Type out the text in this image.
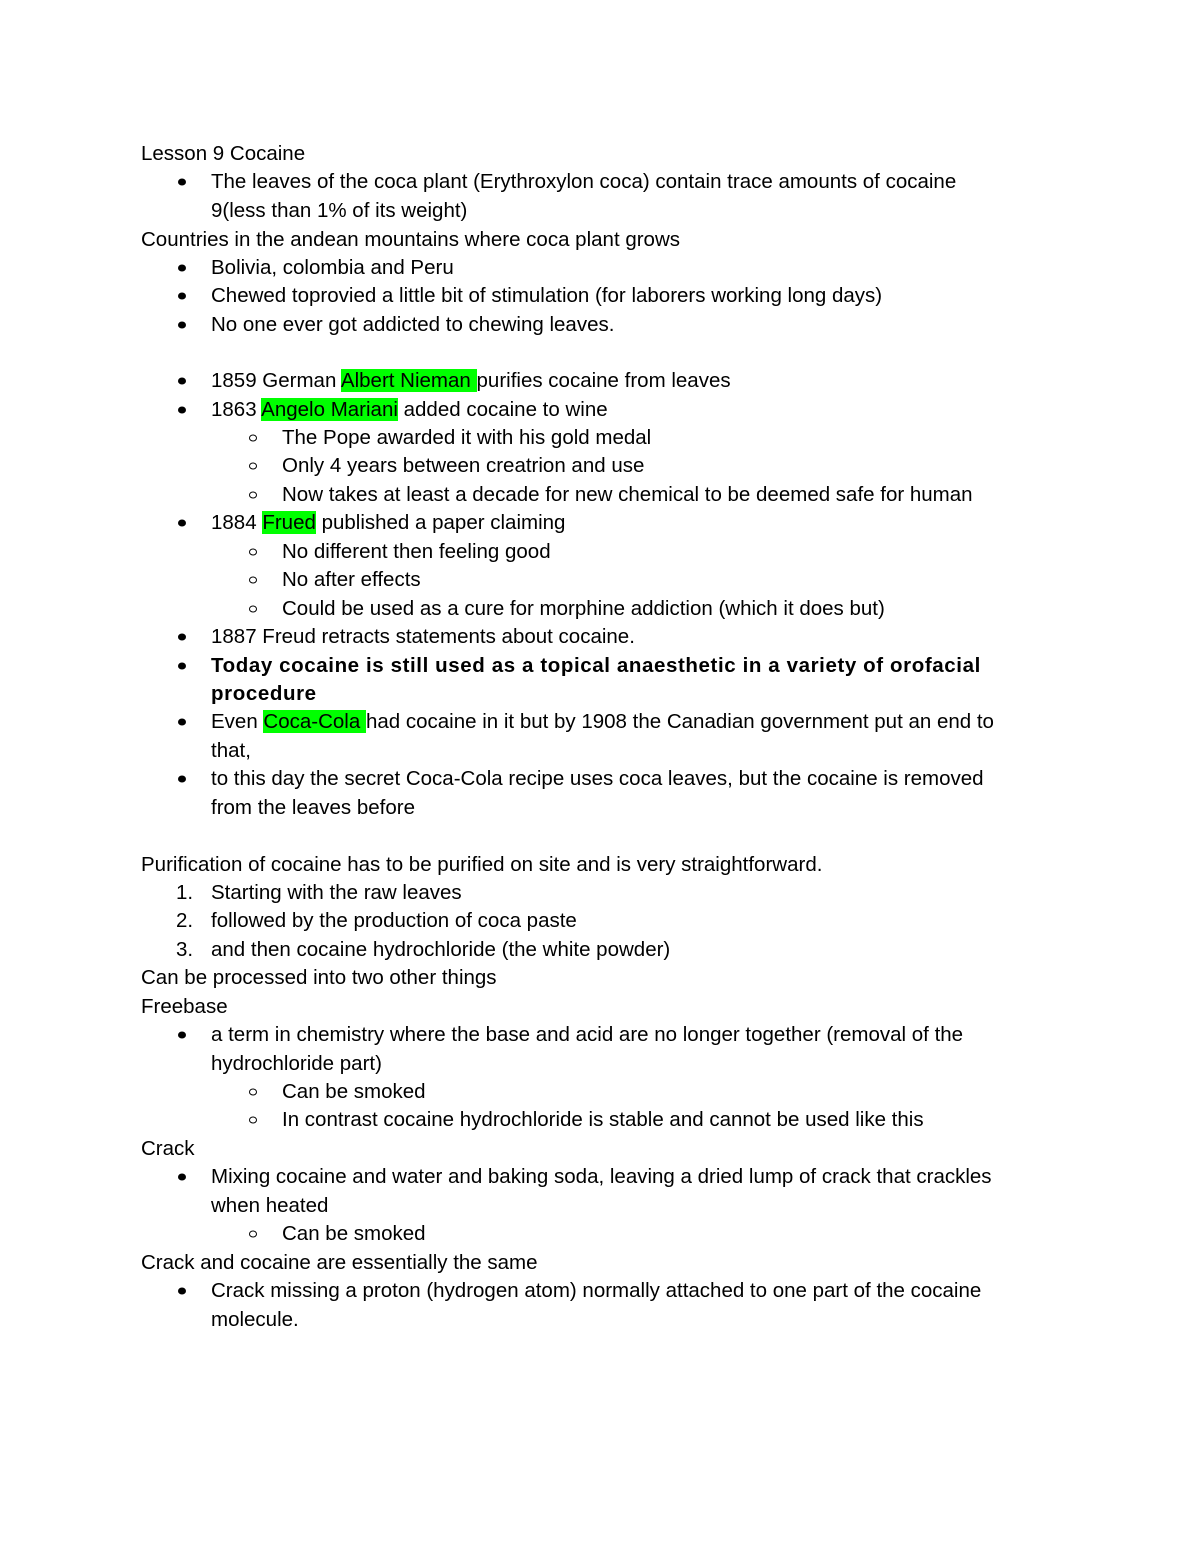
Lesson 9 Cocaine
The leaves of the coca plant (Erythroxylon coca) contain trace amounts of cocaine
9(less than 1% of its weight)
Countries in the andean mountains where coca plant grows
Bolivia, colombia and Peru
Chewed toprovied a little bit of stimulation (for laborers working long days)
No one ever got addicted to chewing leaves.
1859 German Albert Nieman purifies cocaine from leaves
1863 Angelo Mariani added cocaine to wine
The Pope awarded it with his gold medal
Only 4 years between creatrion and use
Now takes at least a decade for new chemical to be deemed safe for human
1884 Frued published a paper claiming
No different then feeling good
No after effects
Could be used as a cure for morphine addiction (which it does but)
1887 Freud retracts statements about cocaine.
Today cocaine is still used as a topical anaesthetic in a variety of orofacial
procedure
Even Coca-Cola had cocaine in it but by 1908 the Canadian government put an end to
that,
to this day the secret Coca-Cola recipe uses coca leaves, but the cocaine is removed
from the leaves before
Purification of cocaine has to be purified on site and is very straightforward.
1. Starting with the raw leaves
2. followed by the production of coca paste
3. and then cocaine hydrochloride (the white powder)
Can be processed into two other things
Freebase
a term in chemistry where the base and acid are no longer together (removal of the
hydrochloride part)
Can be smoked
In contrast cocaine hydrochloride is stable and cannot be used like this
Crack
Mixing cocaine and water and baking soda, leaving a dried lump of crack that crackles
when heated
Can be smoked
Crack and cocaine are essentially the same
Crack missing a proton (hydrogen atom) normally attached to one part of the cocaine
molecule.
